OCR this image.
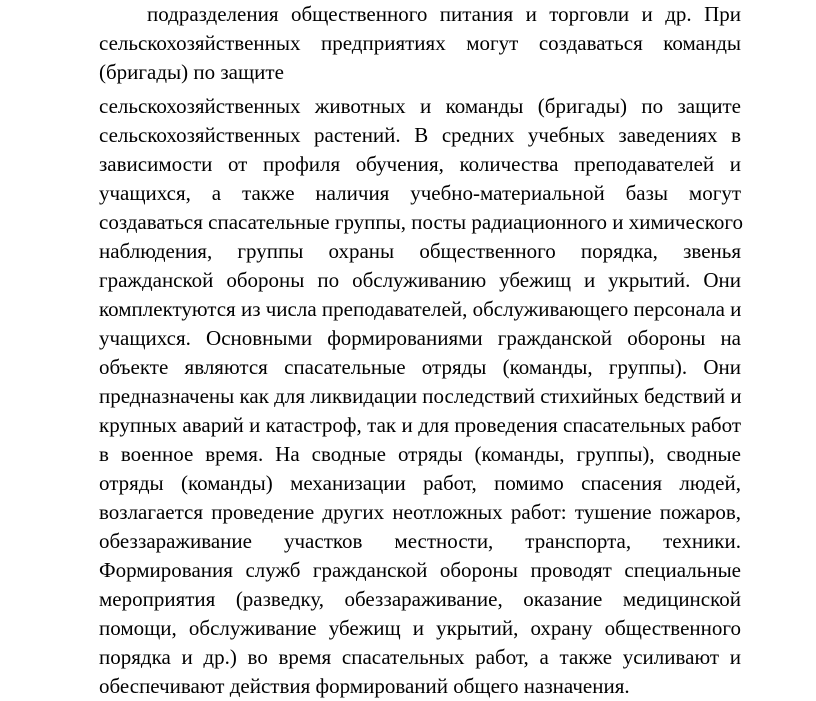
подразделения общественного питания и торговли и др. При
сельскохозяйственных предприятиях могут создаваться команды
(бригады) по защите
сельскохозяйственных животных и команды (бригады) по защите
сельскохозяйственных растений. В средних учебных заведениях в
зависимости от профиля обучения, количества преподавателей и
учащихся, а также наличия учебно-материальной базы могут
создаваться спасательные группы, посты радиационного и химического
наблюдения, группы охраны общественного порядка, звенья
гражданской обороны по обслуживанию убежищ и укрытий. Они
комплектуются из числа преподавателей, обслуживающего персонала и
учащихся. Основными формированиями гражданской обороны на
объекте являются спасательные отряды (команды, группы). Они
предназначены как для ликвидации последствий стихийных бедствий и
крупных аварий и катастроф, так и для проведения спасательных работ
в военное время. На сводные отряды (команды, группы), сводные
отряды (команды) механизации работ, помимо спасения людей,
возлагается проведение других неотложных работ: тушение пожаров,
обеззараживание участков местности, транспорта, техники.
Формирования служб гражданской обороны проводят специальные
мероприятия (разведку, обеззараживание, оказание медицинской
помощи, обслуживание убежищ и укрытий, охрану общественного
порядка и др.) во время спасательных работ, а также усиливают и
обеспечивают действия формирований общего назначения.
